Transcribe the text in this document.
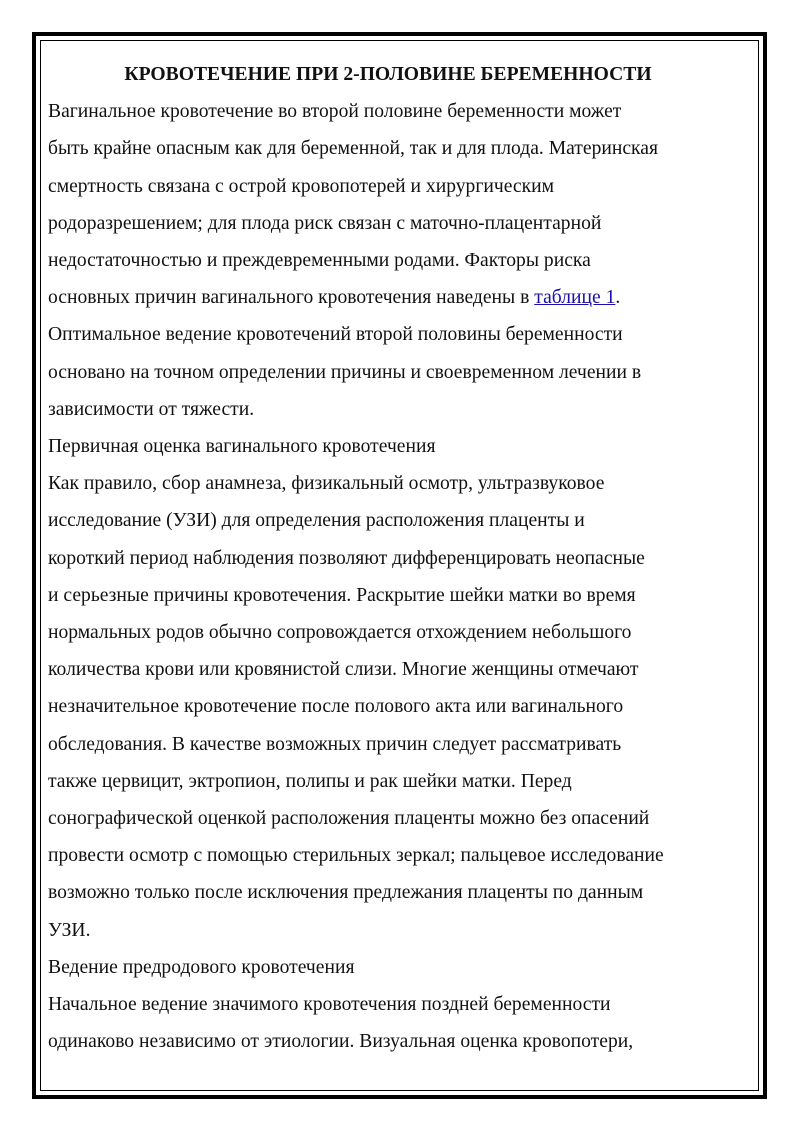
КРОВОТЕЧЕНИЕ ПРИ 2-ПОЛОВИНЕ БЕРЕМЕННОСТИ

Вагинальное кровотечение во второй половине беременности может
быть крайне опасным как для беременной, так и для плода. Материнская
смертность связана с острой кровопотерей и хирургическим
родоразрешением; для плода риск связан с маточно-плацентарной
недостаточностью и преждевременными родами. Факторы риска
основных причин вагинального кровотечения наведены в таблице 1.
Оптимальное ведение кровотечений второй половины беременности
основано на точном определении причины и своевременном лечении в
зависимости от тяжести.
Первичная оценка вагинального кровотечения
Как правило, сбор анамнеза, физикальный осмотр, ультразвуковое
исследование (УЗИ) для определения расположения плаценты и
короткий период наблюдения позволяют дифференцировать неопасные
и серьезные причины кровотечения. Раскрытие шейки матки во время
нормальных родов обычно сопровождается отхождением небольшого
количества крови или кровянистой слизи. Многие женщины отмечают
незначительное кровотечение после полового акта или вагинального
обследования. В качестве возможных причин следует рассматривать
также цервицит, эктропион, полипы и рак шейки матки. Перед
сонографической оценкой расположения плаценты можно без опасений
провести осмотр с помощью стерильных зеркал; пальцевое исследование
возможно только после исключения предлежания плаценты по данным
УЗИ.
Ведение предродового кровотечения
Начальное ведение значимого кровотечения поздней беременности
одинаково независимо от этиологии. Визуальная оценка кровопотери,
